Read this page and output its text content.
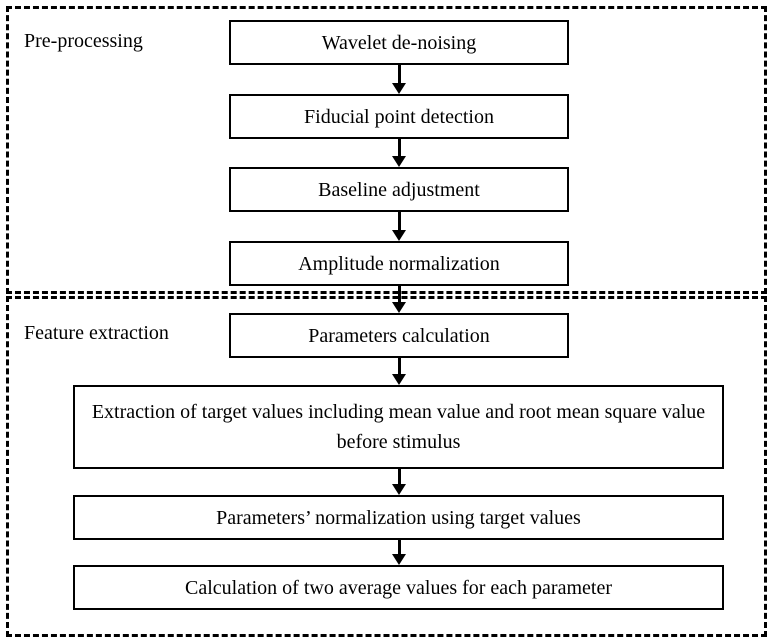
Pre-processing
Feature extraction
Wavelet de-noising
Fiducial point detection
Baseline adjustment
Amplitude normalization
Parameters calculation
Extraction of target values including mean value and root mean square value before stimulus
Parameters’ normalization using target values
Calculation of two average values for each parameter
